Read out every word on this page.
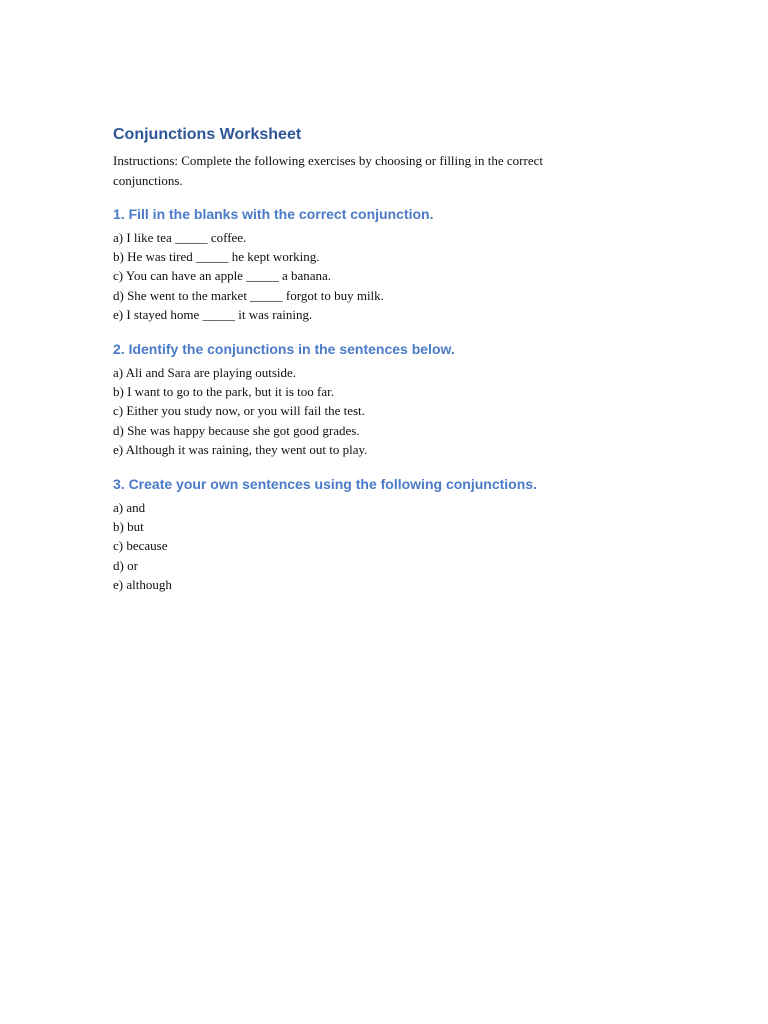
Conjunctions Worksheet

Instructions: Complete the following exercises by choosing or filling in the correct conjunctions.

1. Fill in the blanks with the correct conjunction.
a) I like tea _____ coffee.
b) He was tired _____ he kept working.
c) You can have an apple _____ a banana.
d) She went to the market _____ forgot to buy milk.
e) I stayed home _____ it was raining.
2. Identify the conjunctions in the sentences below.
a) Ali and Sara are playing outside.
b) I want to go to the park, but it is too far.
c) Either you study now, or you will fail the test.
d) She was happy because she got good grades.
e) Although it was raining, they went out to play.
3. Create your own sentences using the following conjunctions.
a) and
b) but
c) because
d) or
e) although
